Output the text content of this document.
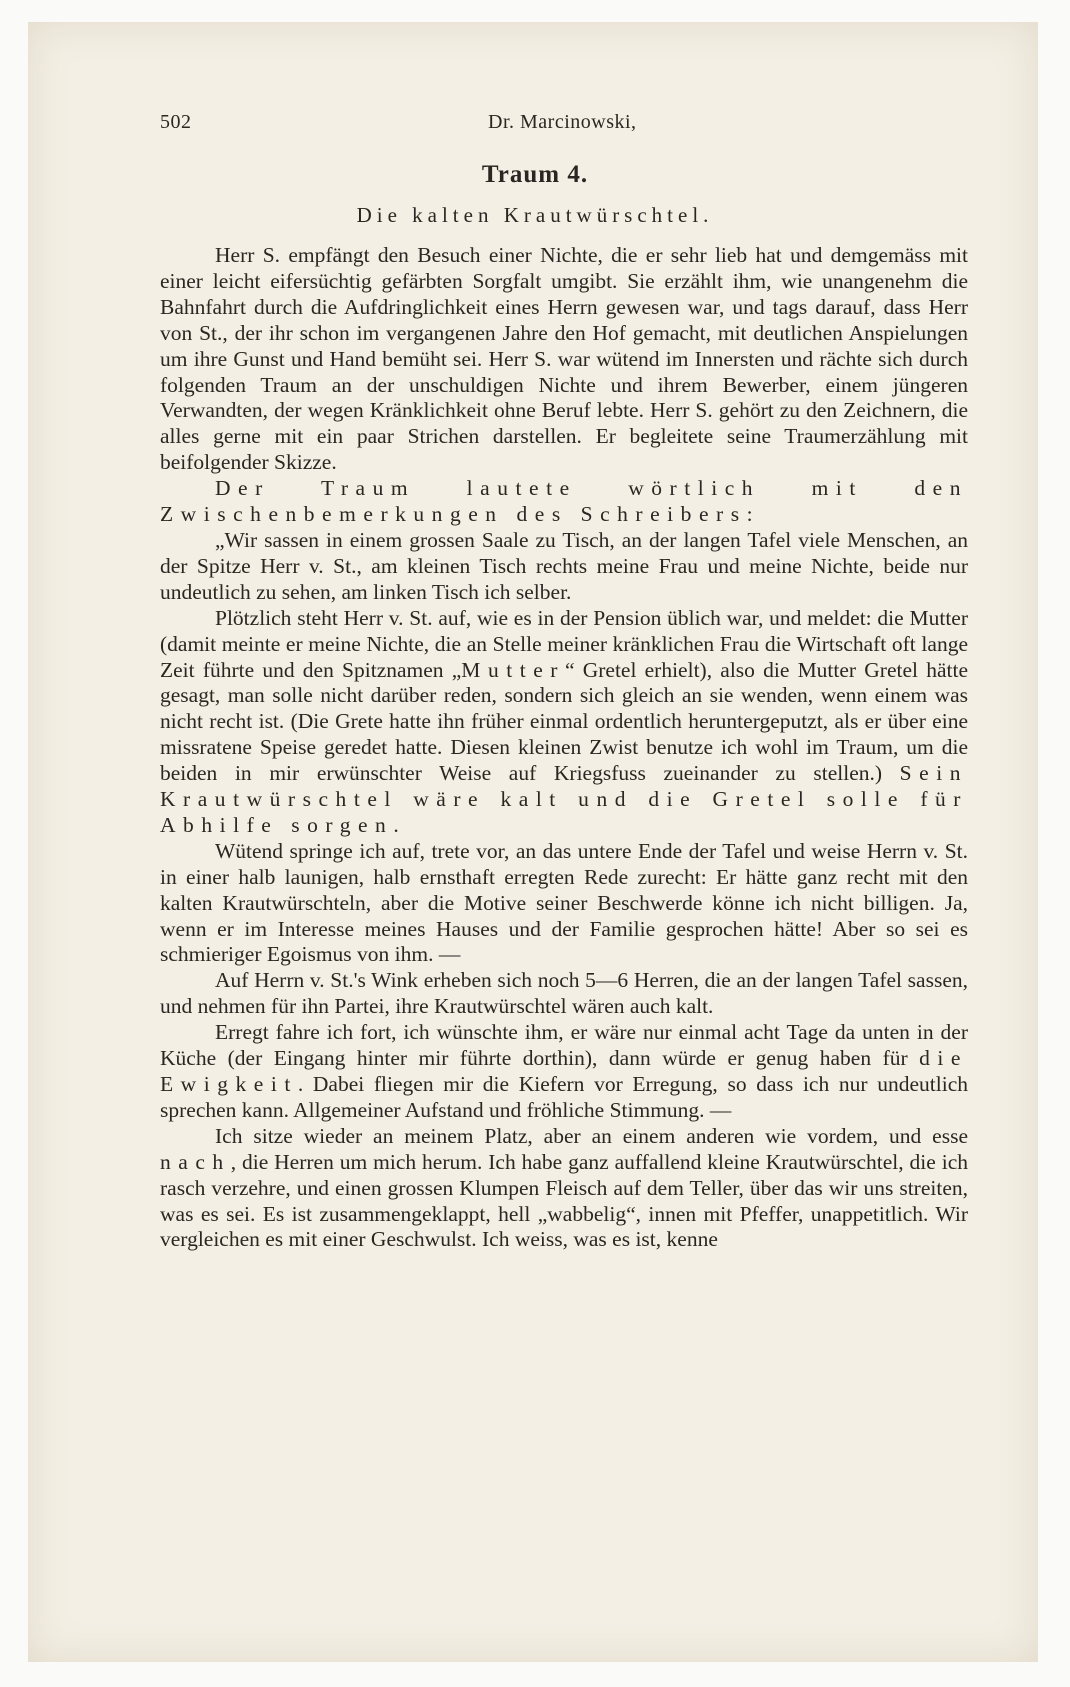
502	Dr. Marcinowski,
Traum 4.
Die kalten Krautwürschtel.

Herr S. empfängt den Besuch einer Nichte, die er sehr lieb hat und demgemäss mit einer leicht eifersüchtig gefärbten Sorgfalt umgibt. Sie erzählt ihm, wie unangenehm die Bahnfahrt durch die Aufdringlichkeit eines Herrn gewesen war, und tags darauf, dass Herr von St., der ihr schon im vergangenen Jahre den Hof gemacht, mit deutlichen Anspielungen um ihre Gunst und Hand bemüht sei. Herr S. war wütend im Innersten und rächte sich durch folgenden Traum an der unschuldigen Nichte und ihrem Bewerber, einem jüngeren Verwandten, der wegen Kränklichkeit ohne Beruf lebte. Herr S. gehört zu den Zeichnern, die alles gerne mit ein paar Strichen darstellen. Er begleitete seine Traumerzählung mit beifolgender Skizze.

Der Traum lautete wörtlich mit den Zwischenbemerkungen des Schreibers:

„Wir sassen in einem grossen Saale zu Tisch, an der langen Tafel viele Menschen, an der Spitze Herr v. St., am kleinen Tisch rechts meine Frau und meine Nichte, beide nur undeutlich zu sehen, am linken Tisch ich selber.

Plötzlich steht Herr v. St. auf, wie es in der Pension üblich war, und meldet: die Mutter (damit meinte er meine Nichte, die an Stelle meiner kränklichen Frau die Wirtschaft oft lange Zeit führte und den Spitznamen „Mutter“ Gretel erhielt), also die Mutter Gretel hätte gesagt, man solle nicht darüber reden, sondern sich gleich an sie wenden, wenn einem was nicht recht ist. (Die Grete hatte ihn früher einmal ordentlich heruntergeputzt, als er über eine missratene Speise geredet hatte. Diesen kleinen Zwist benutze ich wohl im Traum, um die beiden in mir erwünschter Weise auf Kriegsfuss zueinander zu stellen.) Sein Krautwürschtel wäre kalt und die Gretel solle für Abhilfe sorgen.

Wütend springe ich auf, trete vor, an das untere Ende der Tafel und weise Herrn v. St. in einer halb launigen, halb ernsthaft erregten Rede zurecht: Er hätte ganz recht mit den kalten Krautwürschteln, aber die Motive seiner Beschwerde könne ich nicht billigen. Ja, wenn er im Interesse meines Hauses und der Familie gesprochen hätte! Aber so sei es schmieriger Egoismus von ihm. —

Auf Herrn v. St.'s Wink erheben sich noch 5—6 Herren, die an der langen Tafel sassen, und nehmen für ihn Partei, ihre Krautwürschtel wären auch kalt.

Erregt fahre ich fort, ich wünschte ihm, er wäre nur einmal acht Tage da unten in der Küche (der Eingang hinter mir führte dorthin), dann würde er genug haben für die Ewigkeit. Dabei fliegen mir die Kiefern vor Erregung, so dass ich nur undeutlich sprechen kann. Allgemeiner Aufstand und fröhliche Stimmung. —

Ich sitze wieder an meinem Platz, aber an einem anderen wie vordem, und esse nach, die Herren um mich herum. Ich habe ganz auffallend kleine Krautwürschtel, die ich rasch verzehre, und einen grossen Klumpen Fleisch auf dem Teller, über das wir uns streiten, was es sei. Es ist zusammengeklappt, hell „wabbelig“, innen mit Pfeffer, unappetitlich. Wir vergleichen es mit einer Geschwulst. Ich weiss, was es ist, kenne
